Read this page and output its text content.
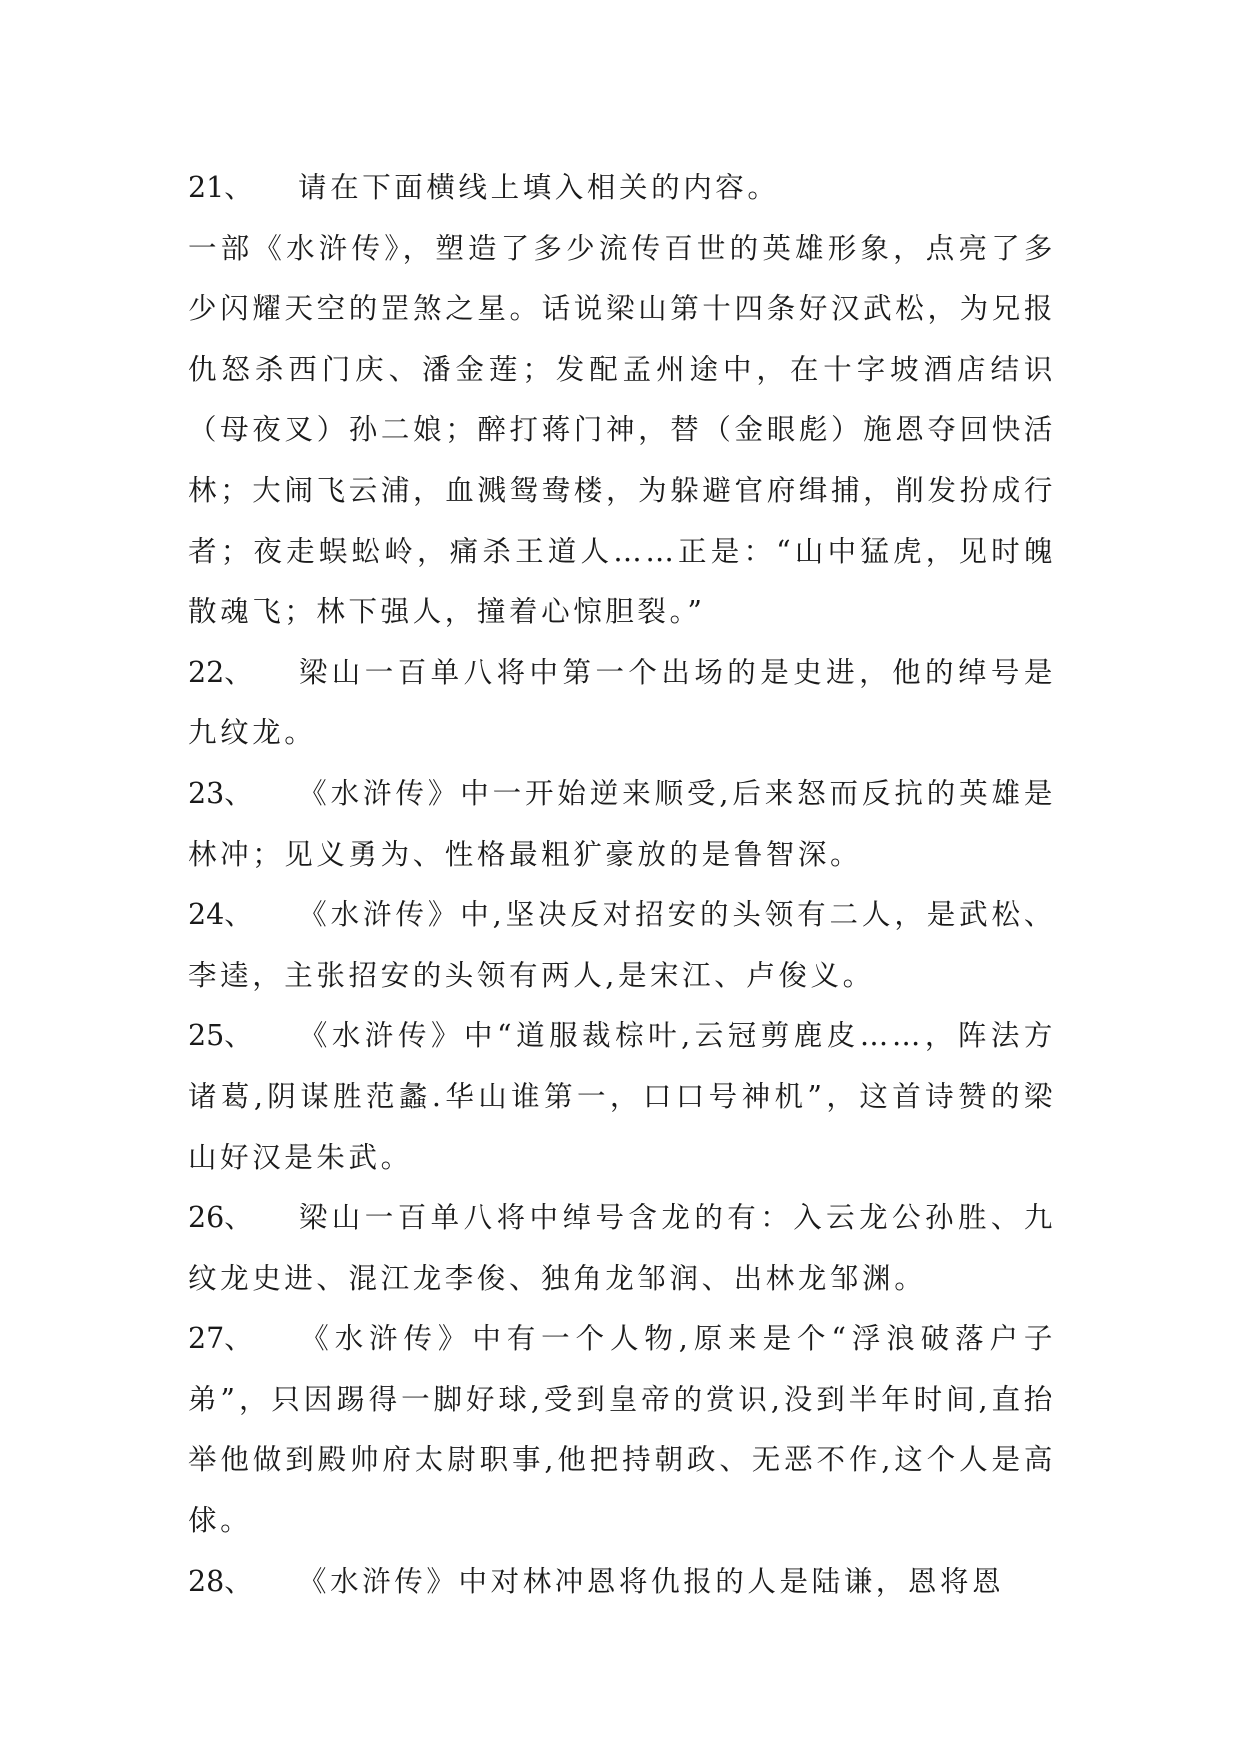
21、 请在下面横线上填入相关的内容。

一部《水浒传》，塑造了多少流传百世的英雄形象，点亮了多少闪耀天空的罡煞之星。话说梁山第十四条好汉武松，为兄报仇怒杀西门庆、潘金莲；发配孟州途中，在十字坡酒店结识（母夜叉）孙二娘；醉打蒋门神，替（金眼彪）施恩夺回快活林；大闹飞云浦，血溅鸳鸯楼，为躲避官府缉捕，削发扮成行者；夜走蜈蚣岭，痛杀王道人……正是：“山中猛虎，见时魄散魂飞；林下强人，撞着心惊胆裂。”

22、 梁山一百单八将中第一个出场的是史进，他的绰号是九纹龙。

23、 《水浒传》中一开始逆来顺受,后来怒而反抗的英雄是林冲；见义勇为、性格最粗犷豪放的是鲁智深。

24、 《水浒传》中,坚决反对招安的头领有二人，是武松、李逵，主张招安的头领有两人,是宋江、卢俊义。

25、 《水浒传》中“道服裁棕叶,云冠剪鹿皮……，阵法方诸葛,阴谋胜范蠡.华山谁第一，口口号神机”，这首诗赞的梁山好汉是朱武。

26、 梁山一百单八将中绰号含龙的有：入云龙公孙胜、九纹龙史进、混江龙李俊、独角龙邹润、出林龙邹渊。

27、 《水浒传》中有一个人物,原来是个“浮浪破落户子弟”，只因踢得一脚好球,受到皇帝的赏识,没到半年时间,直抬举他做到殿帅府太尉职事,他把持朝政、无恶不作,这个人是高俅。

28、 《水浒传》中对林冲恩将仇报的人是陆谦，恩将恩
